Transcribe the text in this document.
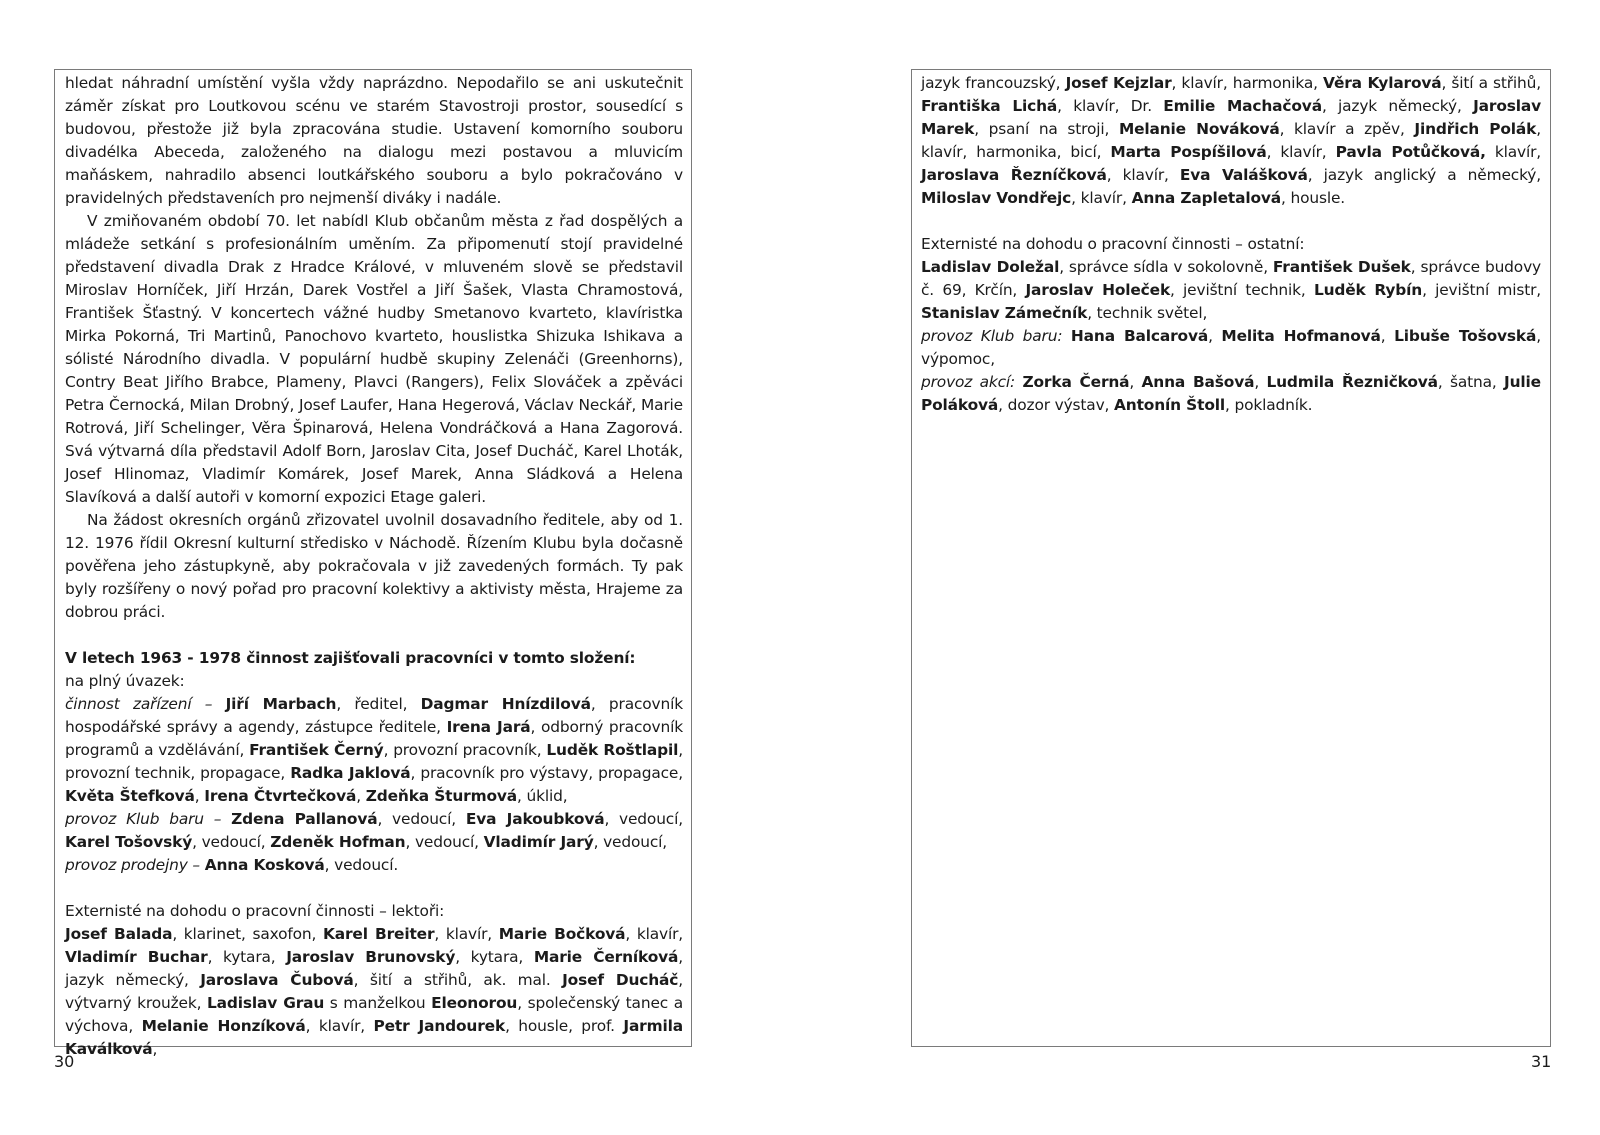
hledat náhradní umístění vyšla vždy naprázdno. Nepodařilo se ani uskutečnit záměr získat pro Loutkovou scénu ve starém Stavostroji prostor, sousedící s budovou, přestože již byla zpracována studie. Ustavení komorního souboru divadélka Abeceda, založeného na dialogu mezi postavou a mluvicím maňáskem, nahradilo absenci loutkářského souboru a bylo pokračováno v pravidelných představeních pro nejmenší diváky i nadále.

V zmiňovaném období 70. let nabídl Klub občanům města z řad dospělých a mládeže setkání s profesionálním uměním. Za připomenutí stojí pravidelné představení divadla Drak z Hradce Králové, v mluveném slově se představil Miroslav Horníček, Jiří Hrzán, Darek Vostřel a Jiří Šašek, Vlasta Chramostová, František Šťastný. V koncertech vážné hudby Smetanovo kvarteto, klavíristka Mirka Pokorná, Tri Martinů, Panochovo kvarteto, houslistka Shizuka Ishikava a sólisté Národního divadla. V populární hudbě skupiny Zelenáči (Greenhorns), Contry Beat Jiřího Brabce, Plameny, Plavci (Rangers), Felix Slováček a zpěváci Petra Černocká, Milan Drobný, Josef Laufer, Hana Hegerová, Václav Neckář, Marie Rotrová, Jiří Schelinger, Věra Špinarová, Helena Vondráčková a Hana Zagorová. Svá výtvarná díla představil Adolf Born, Jaroslav Cita, Josef Ducháč, Karel Lhoták, Josef Hlinomaz, Vladimír Komárek, Josef Marek, Anna Sládková a Helena Slavíková a další autoři v komorní expozici Etage galeri.

Na žádost okresních orgánů zřizovatel uvolnil dosavadního ředitele, aby od 1. 12. 1976 řídil Okresní kulturní středisko v Náchodě. Řízením Klubu byla dočasně pověřena jeho zástupkyně, aby pokračovala v již zavedených formách. Ty pak byly rozšířeny o nový pořad pro pracovní kolektivy a aktivisty města, Hrajeme za dobrou práci.

V letech 1963 - 1978 činnost zajišťovali pracovníci v tomto složení:

na plný úvazek:

činnost zařízení – Jiří Marbach, ředitel, Dagmar Hnízdilová, pracovník hospodářské správy a agendy, zástupce ředitele, Irena Jará, odborný pracovník programů a vzdělávání, František Černý, provozní pracovník, Luděk Roštlapil, provozní technik, propagace, Radka Jaklová, pracovník pro výstavy, propagace, Květa Štefková, Irena Čtvrtečková, Zdeňka Šturmová, úklid,

provoz Klub baru – Zdena Pallanová, vedoucí, Eva Jakoubková, vedoucí, Karel Tošovský, vedoucí, Zdeněk Hofman, vedoucí, Vladimír Jarý, vedoucí,

provoz prodejny – Anna Kosková, vedoucí.

Externisté na dohodu o pracovní činnosti – lektoři:

Josef Balada, klarinet, saxofon, Karel Breiter, klavír, Marie Bočková, klavír, Vladimír Buchar, kytara, Jaroslav Brunovský, kytara, Marie Černíková, jazyk německý, Jaroslava Čubová, šití a střihů, ak. mal. Josef Ducháč, výtvarný kroužek, Ladislav Grau s manželkou Eleonorou, společenský tanec a výchova, Melanie Honzíková, klavír, Petr Jandourek, housle, prof. Jarmila Kaválková,

jazyk francouzský, Josef Kejzlar, klavír, harmonika, Věra Kylarová, šití a střihů, Františka Lichá, klavír, Dr. Emilie Machačová, jazyk německý, Jaroslav Marek, psaní na stroji, Melanie Nováková, klavír a zpěv, Jindřich Polák, klavír, harmonika, bicí, Marta Pospíšilová, klavír, Pavla Potůčková, klavír, Jaroslava Řezníčková, klavír, Eva Valášková, jazyk anglický a německý, Miloslav Vondřejc, klavír, Anna Zapletalová, housle.

Externisté na dohodu o pracovní činnosti – ostatní:

Ladislav Doležal, správce sídla v sokolovně, František Dušek, správce budovy č. 69, Krčín, Jaroslav Holeček, jevištní technik, Luděk Rybín, jevištní mistr, Stanislav Zámečník, technik světel,

provoz Klub baru: Hana Balcarová, Melita Hofmanová, Libuše Tošovská, výpomoc,

provoz akcí: Zorka Černá, Anna Bašová, Ludmila Řezničková, šatna, Julie Poláková, dozor výstav, Antonín Štoll, pokladník.

30	31
